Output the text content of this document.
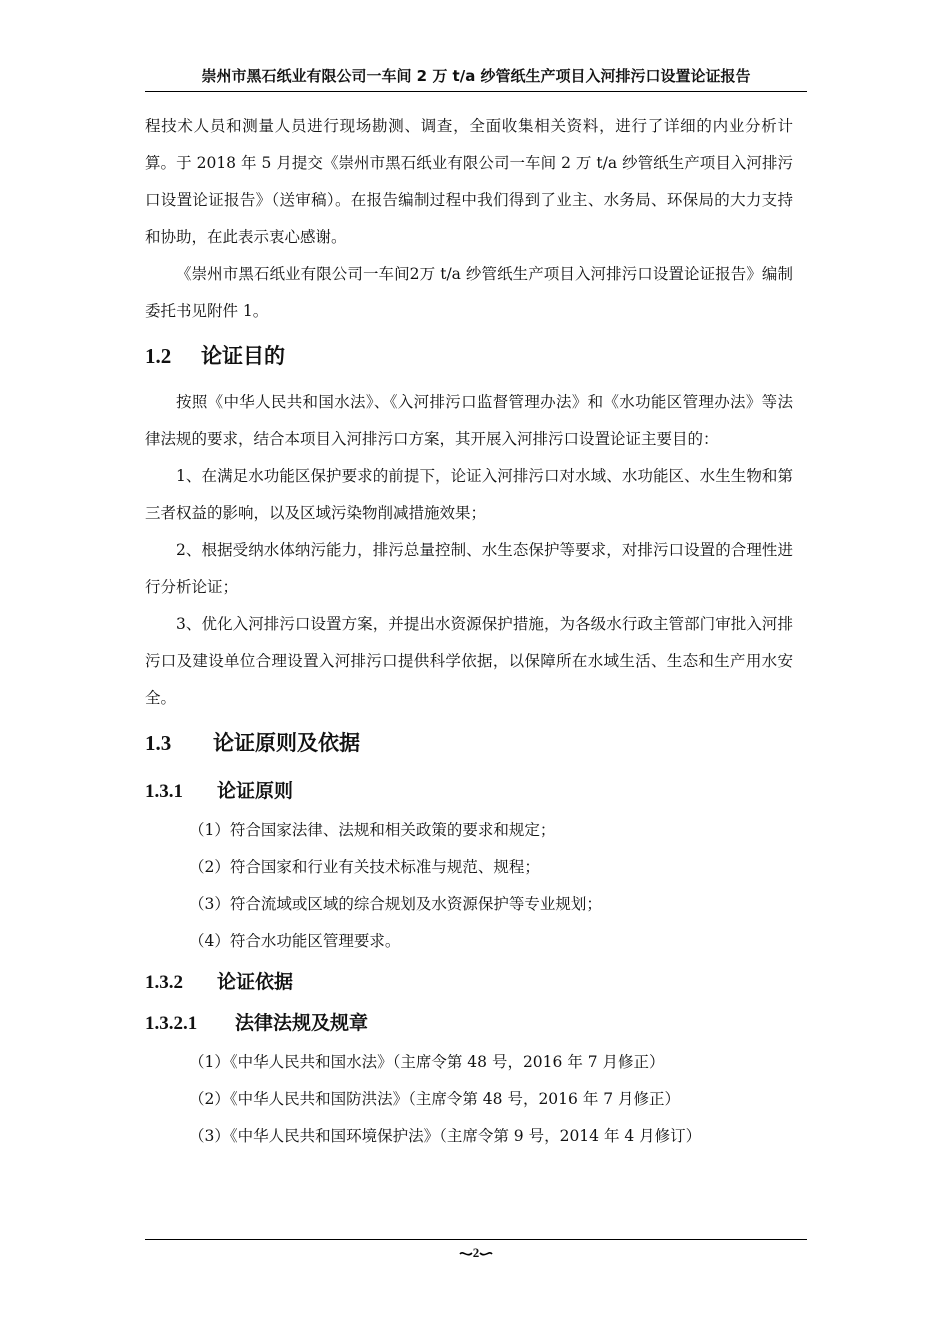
崇州市黑石纸业有限公司一车间 2 万 t/a 纱管纸生产项目入河排污口设置论证报告

程技术人员和测量人员进行现场勘测、调查，全面收集相关资料，进行了详细的内业分析计算。于 2018 年 5 月提交《崇州市黑石纸业有限公司一车间 2 万 t/a 纱管纸生产项目入河排污口设置论证报告》（送审稿）。在报告编制过程中我们得到了业主、水务局、环保局的大力支持和协助，在此表示衷心感谢。

《崇州市黑石纸业有限公司一车间2万 t/a 纱管纸生产项目入河排污口设置论证报告》编制委托书见附件 1。

1.2 论证目的

按照《中华人民共和国水法》、《入河排污口监督管理办法》和《水功能区管理办法》等法律法规的要求，结合本项目入河排污口方案，其开展入河排污口设置论证主要目的：

1、在满足水功能区保护要求的前提下，论证入河排污口对水域、水功能区、水生生物和第三者权益的影响，以及区域污染物削减措施效果；

2、根据受纳水体纳污能力，排污总量控制、水生态保护等要求，对排污口设置的合理性进行分析论证；

3、优化入河排污口设置方案，并提出水资源保护措施，为各级水行政主管部门审批入河排污口及建设单位合理设置入河排污口提供科学依据，以保障所在水域生活、生态和生产用水安全。

1.3 论证原则及依据
1.3.1 论证原则

（1）符合国家法律、法规和相关政策的要求和规定；

（2）符合国家和行业有关技术标准与规范、规程；

（3）符合流域或区域的综合规划及水资源保护等专业规划；

（4）符合水功能区管理要求。

1.3.2 论证依据
1.3.2.1 法律法规及规章

（1）《中华人民共和国水法》（主席令第 48 号，2016 年 7 月修正）

（2）《中华人民共和国防洪法》（主席令第 48 号，2016 年 7 月修正）

（3）《中华人民共和国环境保护法》（主席令第 9 号，2014 年 4 月修订）

2
